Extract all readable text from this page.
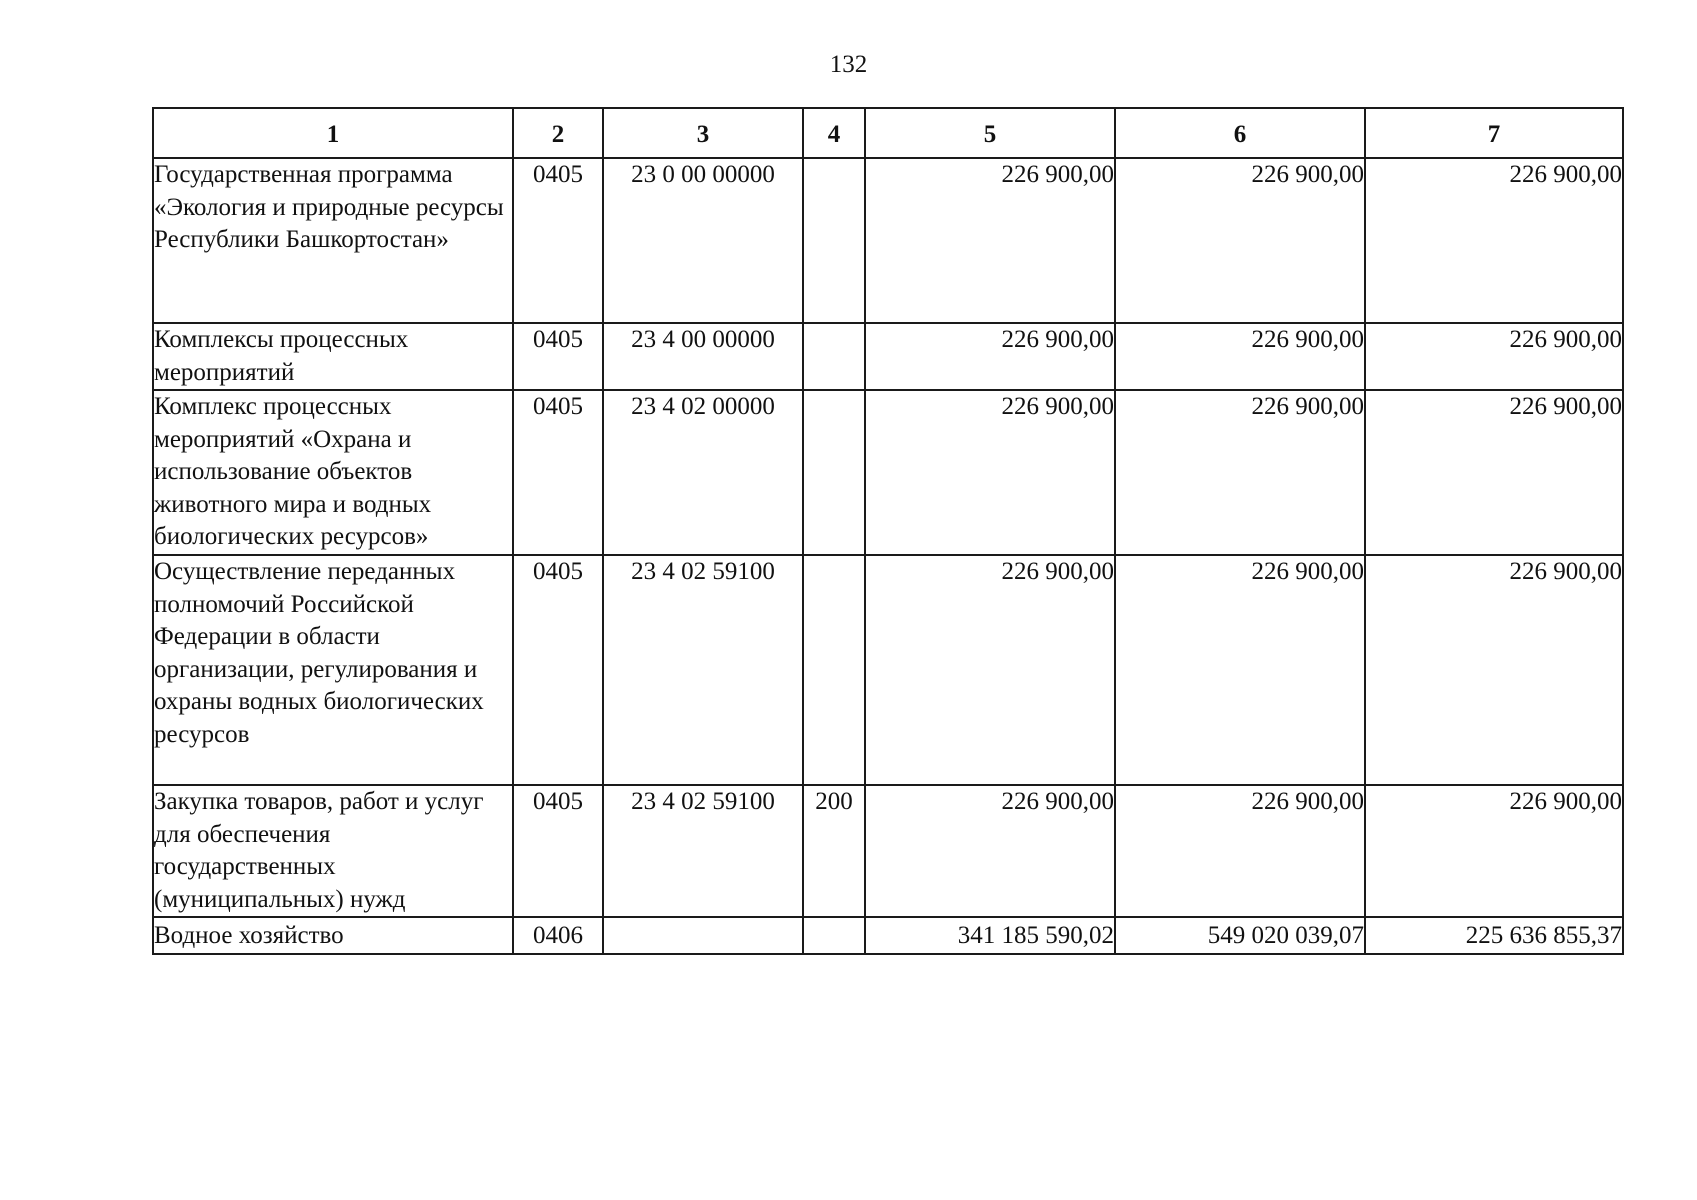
132
1	2	3	4	5	6	7
Государственная программа «Экология и природные ресурсы Республики Башкортостан»	0405	23 0 00 00000		226 900,00	226 900,00	226 900,00
Комплексы процессных мероприятий	0405	23 4 00 00000		226 900,00	226 900,00	226 900,00
Комплекс процессных мероприятий «Охрана и использование объектов животного мира и водных биологических ресурсов»	0405	23 4 02 00000		226 900,00	226 900,00	226 900,00
Осуществление переданных полномочий Российской Федерации в области организации, регулирования и охраны водных биологических ресурсов	0405	23 4 02 59100		226 900,00	226 900,00	226 900,00
Закупка товаров, работ и услуг для обеспечения государственных (муниципальных) нужд	0405	23 4 02 59100	200	226 900,00	226 900,00	226 900,00
Водное хозяйство	0406			341 185 590,02	549 020 039,07	225 636 855,37
